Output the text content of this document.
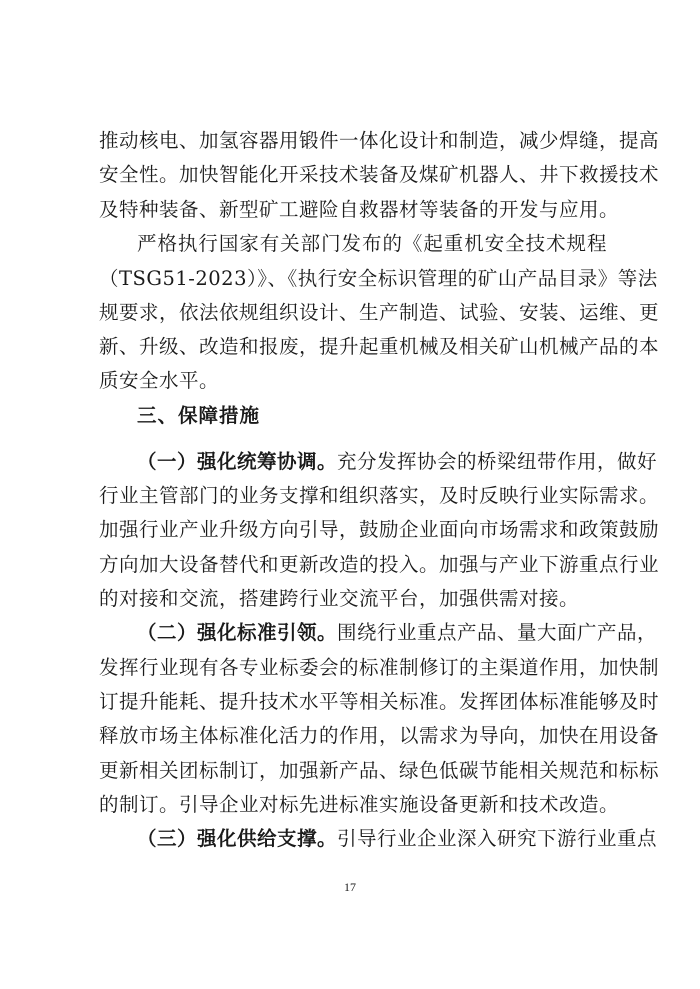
推动核电、加氢容器用锻件一体化设计和制造，减少焊缝，提高
安全性。加快智能化开采技术装备及煤矿机器人、井下救援技术
及特种装备、新型矿工避险自救器材等装备的开发与应用。
严格执行国家有关部门发布的《起重机安全技术规程
（TSG51-2023）》、《执行安全标识管理的矿山产品目录》等法
规要求，依法依规组织设计、生产制造、试验、安装、运维、更
新、升级、改造和报废，提升起重机械及相关矿山机械产品的本
质安全水平。
三、保障措施
（一）强化统筹协调。充分发挥协会的桥梁纽带作用，做好
行业主管部门的业务支撑和组织落实，及时反映行业实际需求。
加强行业产业升级方向引导，鼓励企业面向市场需求和政策鼓励
方向加大设备替代和更新改造的投入。加强与产业下游重点行业
的对接和交流，搭建跨行业交流平台，加强供需对接。
（二）强化标准引领。围绕行业重点产品、量大面广产品，
发挥行业现有各专业标委会的标准制修订的主渠道作用，加快制
订提升能耗、提升技术水平等相关标准。发挥团体标准能够及时
释放市场主体标准化活力的作用，以需求为导向，加快在用设备
更新相关团标制订，加强新产品、绿色低碳节能相关规范和标标
的制订。引导企业对标先进标准实施设备更新和技术改造。
（三）强化供给支撑。引导行业企业深入研究下游行业重点
17
